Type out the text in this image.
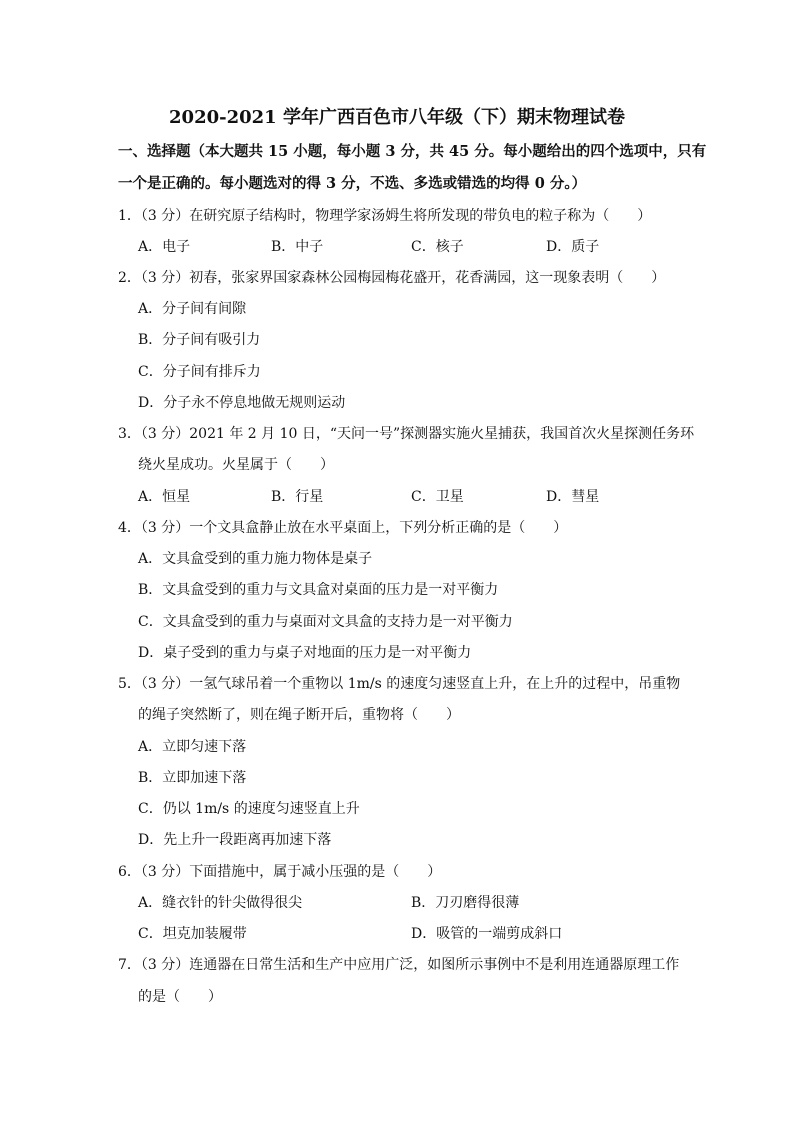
2020-2021 学年广西百色市八年级（下）期末物理试卷
一、选择题（本大题共 15 小题，每小题 3 分，共 45 分。每小题给出的四个选项中，只有
一个是正确的。每小题选对的得 3 分，不选、多选或错选的均得 0 分。）
1．（3 分）在研究原子结构时，物理学家汤姆生将所发现的带负电的粒子称为（　　）
A．电子	B．中子	C．核子	D．质子
2．（3 分）初春，张家界国家森林公园梅园梅花盛开，花香满园，这一现象表明（　　）
A．分子间有间隙
B．分子间有吸引力
C．分子间有排斥力
D．分子永不停息地做无规则运动
3．（3 分）2021 年 2 月 10 日，“天问一号”探测器实施火星捕获，我国首次火星探测任务环
绕火星成功。火星属于（　　）
A．恒星	B．行星	C．卫星	D．彗星
4．（3 分）一个文具盒静止放在水平桌面上，下列分析正确的是（　　）
A．文具盒受到的重力施力物体是桌子
B．文具盒受到的重力与文具盒对桌面的压力是一对平衡力
C．文具盒受到的重力与桌面对文具盒的支持力是一对平衡力
D．桌子受到的重力与桌子对地面的压力是一对平衡力
5．（3 分）一氢气球吊着一个重物以 1m/s 的速度匀速竖直上升，在上升的过程中，吊重物
的绳子突然断了，则在绳子断开后，重物将（　　）
A．立即匀速下落
B．立即加速下落
C．仍以 1m/s 的速度匀速竖直上升
D．先上升一段距离再加速下落
6．（3 分）下面措施中，属于减小压强的是（　　）
A．缝衣针的针尖做得很尖	B．刀刃磨得很薄
C．坦克加装履带	D．吸管的一端剪成斜口
7．（3 分）连通器在日常生活和生产中应用广泛，如图所示事例中不是利用连通器原理工作
的是（　　）
